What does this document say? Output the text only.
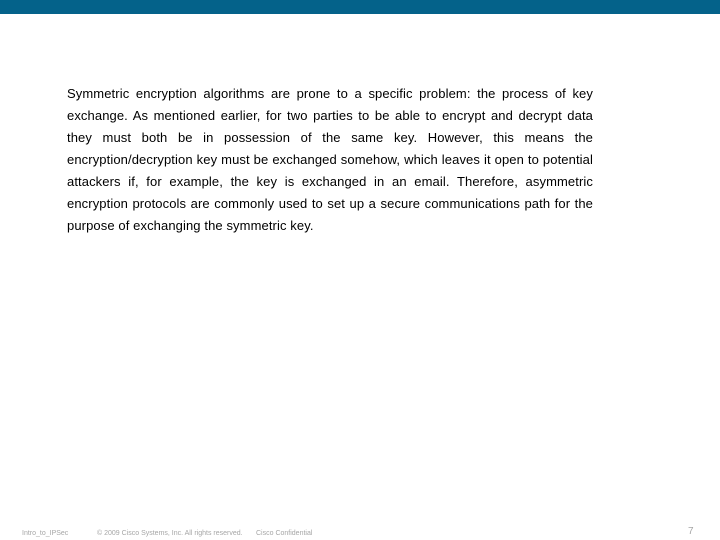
Symmetric encryption algorithms are prone to a specific problem: the process of key exchange. As mentioned earlier, for two parties to be able to encrypt and decrypt data they must both be in possession of the same key. However, this means the encryption/decryption key must be exchanged somehow, which leaves it open to potential attackers if, for example, the key is exchanged in an email. Therefore, asymmetric encryption protocols are commonly used to set up a secure communications path for the purpose of exchanging the symmetric key.

Intro_to_IPSec	© 2009 Cisco Systems, Inc. All rights reserved. Cisco Confidential	7
